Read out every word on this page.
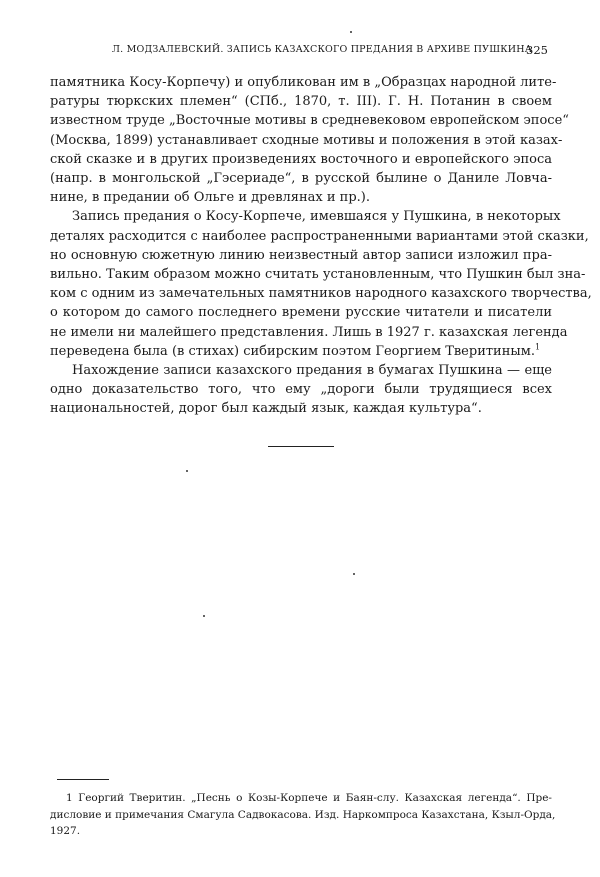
Л. МОДЗАЛЕВСКИЙ. ЗАПИСЬ КАЗАХСКОГО ПРЕДАНИЯ В АРХИВЕ ПУШКИНА
325
памятника Косу-Корпечу) и опубликован им в „Образцах народной лите-
ратуры тюркских племен“ (СПб., 1870, т. III). Г. Н. Потанин в своем
известном труде „Восточные мотивы в средневековом европейском эпосе“
(Москва, 1899) устанавливает сходные мотивы и положения в этой казах-
ской сказке и в других произведениях восточного и европейского эпоса
(напр. в монгольской „Гэсериаде“, в русской былине о Даниле Ловча-
нине, в предании об Ольге и древлянах и пр.).
Запись предания о Косу-Корпече, имевшаяся у Пушкина, в некоторых
деталях расходится с наиболее распространенными вариантами этой сказки,
но основную сюжетную линию неизвестный автор записи изложил пра-
вильно. Таким образом можно считать установленным, что Пушкин был зна-
ком с одним из замечательных памятников народного казахского творчества,
о котором до самого последнего времени русские читатели и писатели
не имели ни малейшего представления. Лишь в 1927 г. казахская легенда
переведена была (в стихах) сибирским поэтом Георгием Тверитиным.$^1$
Нахождение записи казахского предания в бумагах Пушкина — еще
одно доказательство того, что ему „дороги были трудящиеся всех
национальностей, дорог был каждый язык, каждая культура“.
1 Георгий Тверитин. „Песнь о Козы-Корпече и Баян-слу. Казахская легенда“. Пре-
дисловие и примечания Смагула Садвокасова. Изд. Наркомпроса Казахстана, Кзыл-Орда,
1927.
